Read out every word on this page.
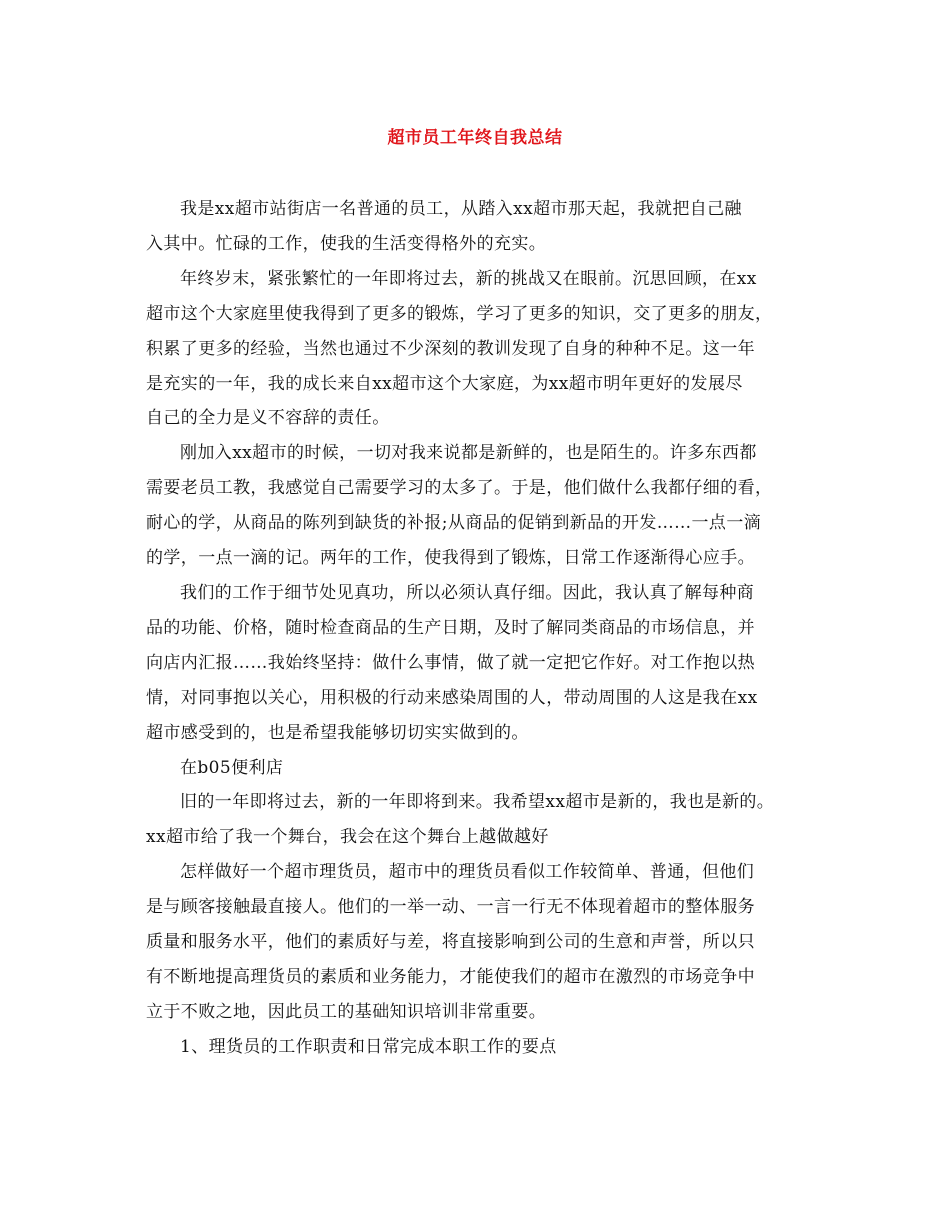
超市员工年终自我总结

我是xx超市站街店一名普通的员工，从踏入xx超市那天起，我就把自己融
入其中。忙碌的工作，使我的生活变得格外的充实。

年终岁末，紧张繁忙的一年即将过去，新的挑战又在眼前。沉思回顾，在xx
超市这个大家庭里使我得到了更多的锻炼，学习了更多的知识，交了更多的朋友，
积累了更多的经验，当然也通过不少深刻的教训发现了自身的种种不足。这一年
是充实的一年，我的成长来自xx超市这个大家庭，为xx超市明年更好的发展尽
自己的全力是义不容辞的责任。

刚加入xx超市的时候，一切对我来说都是新鲜的，也是陌生的。许多东西都
需要老员工教，我感觉自己需要学习的太多了。于是，他们做什么我都仔细的看，
耐心的学，从商品的陈列到缺货的补报;从商品的促销到新品的开发……一点一滴
的学，一点一滴的记。两年的工作，使我得到了锻炼，日常工作逐渐得心应手。

我们的工作于细节处见真功，所以必须认真仔细。因此，我认真了解每种商
品的功能、价格，随时检查商品的生产日期，及时了解同类商品的市场信息，并
向店内汇报……我始终坚持：做什么事情，做了就一定把它作好。对工作抱以热
情，对同事抱以关心，用积极的行动来感染周围的人，带动周围的人这是我在xx
超市感受到的，也是希望我能够切切实实做到的。

在b05便利店

旧的一年即将过去，新的一年即将到来。我希望xx超市是新的，我也是新的。
xx超市给了我一个舞台，我会在这个舞台上越做越好

怎样做好一个超市理货员，超市中的理货员看似工作较简单、普通，但他们
是与顾客接触最直接人。他们的一举一动、一言一行无不体现着超市的整体服务
质量和服务水平，他们的素质好与差，将直接影响到公司的生意和声誉，所以只
有不断地提高理货员的素质和业务能力，才能使我们的超市在激烈的市场竞争中
立于不败之地，因此员工的基础知识培训非常重要。

1、理货员的工作职责和日常完成本职工作的要点
